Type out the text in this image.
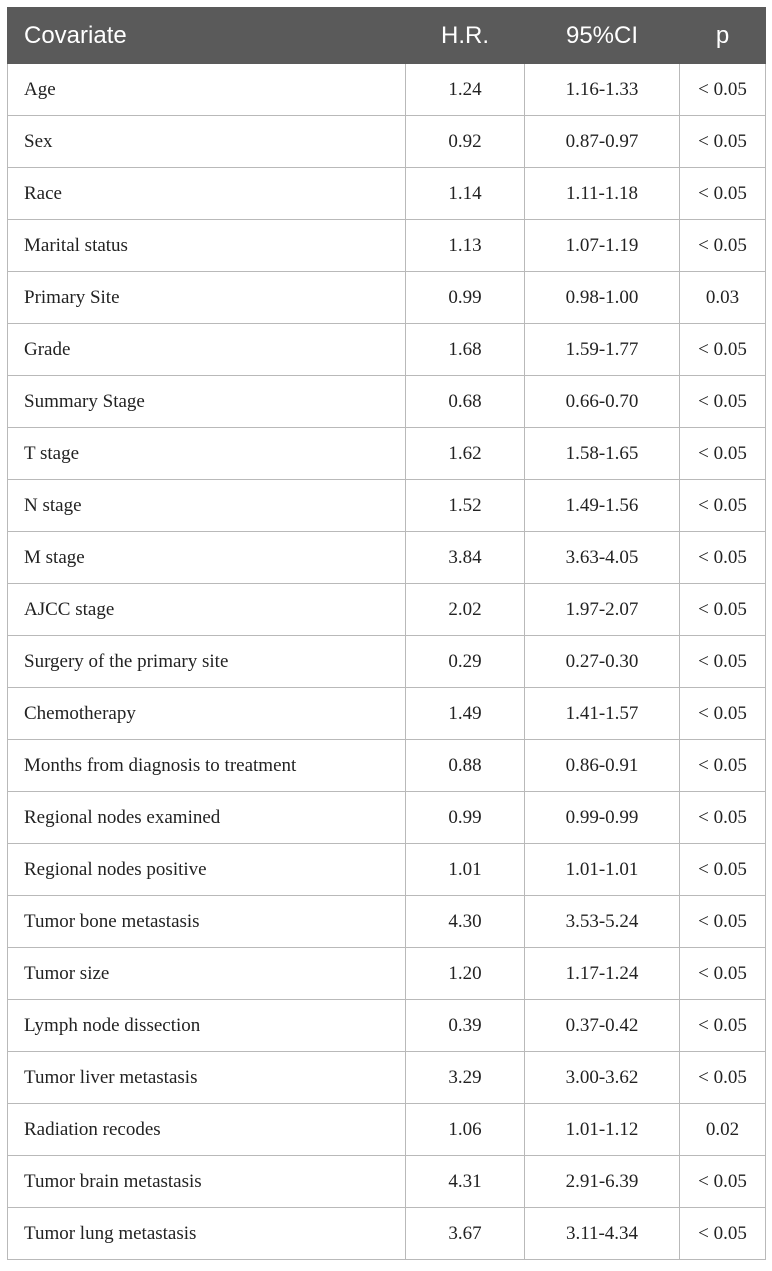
Covariate	H.R.	95%CI	p
Age	1.24	1.16-1.33	< 0.05
Sex	0.92	0.87-0.97	< 0.05
Race	1.14	1.11-1.18	< 0.05
Marital status	1.13	1.07-1.19	< 0.05
Primary Site	0.99	0.98-1.00	0.03
Grade	1.68	1.59-1.77	< 0.05
Summary Stage	0.68	0.66-0.70	< 0.05
T stage	1.62	1.58-1.65	< 0.05
N stage	1.52	1.49-1.56	< 0.05
M stage	3.84	3.63-4.05	< 0.05
AJCC stage	2.02	1.97-2.07	< 0.05
Surgery of the primary site	0.29	0.27-0.30	< 0.05
Chemotherapy	1.49	1.41-1.57	< 0.05
Months from diagnosis to treatment	0.88	0.86-0.91	< 0.05
Regional nodes examined	0.99	0.99-0.99	< 0.05
Regional nodes positive	1.01	1.01-1.01	< 0.05
Tumor bone metastasis	4.30	3.53-5.24	< 0.05
Tumor size	1.20	1.17-1.24	< 0.05
Lymph node dissection	0.39	0.37-0.42	< 0.05
Tumor liver metastasis	3.29	3.00-3.62	< 0.05
Radiation recodes	1.06	1.01-1.12	0.02
Tumor brain metastasis	4.31	2.91-6.39	< 0.05
Tumor lung metastasis	3.67	3.11-4.34	< 0.05
